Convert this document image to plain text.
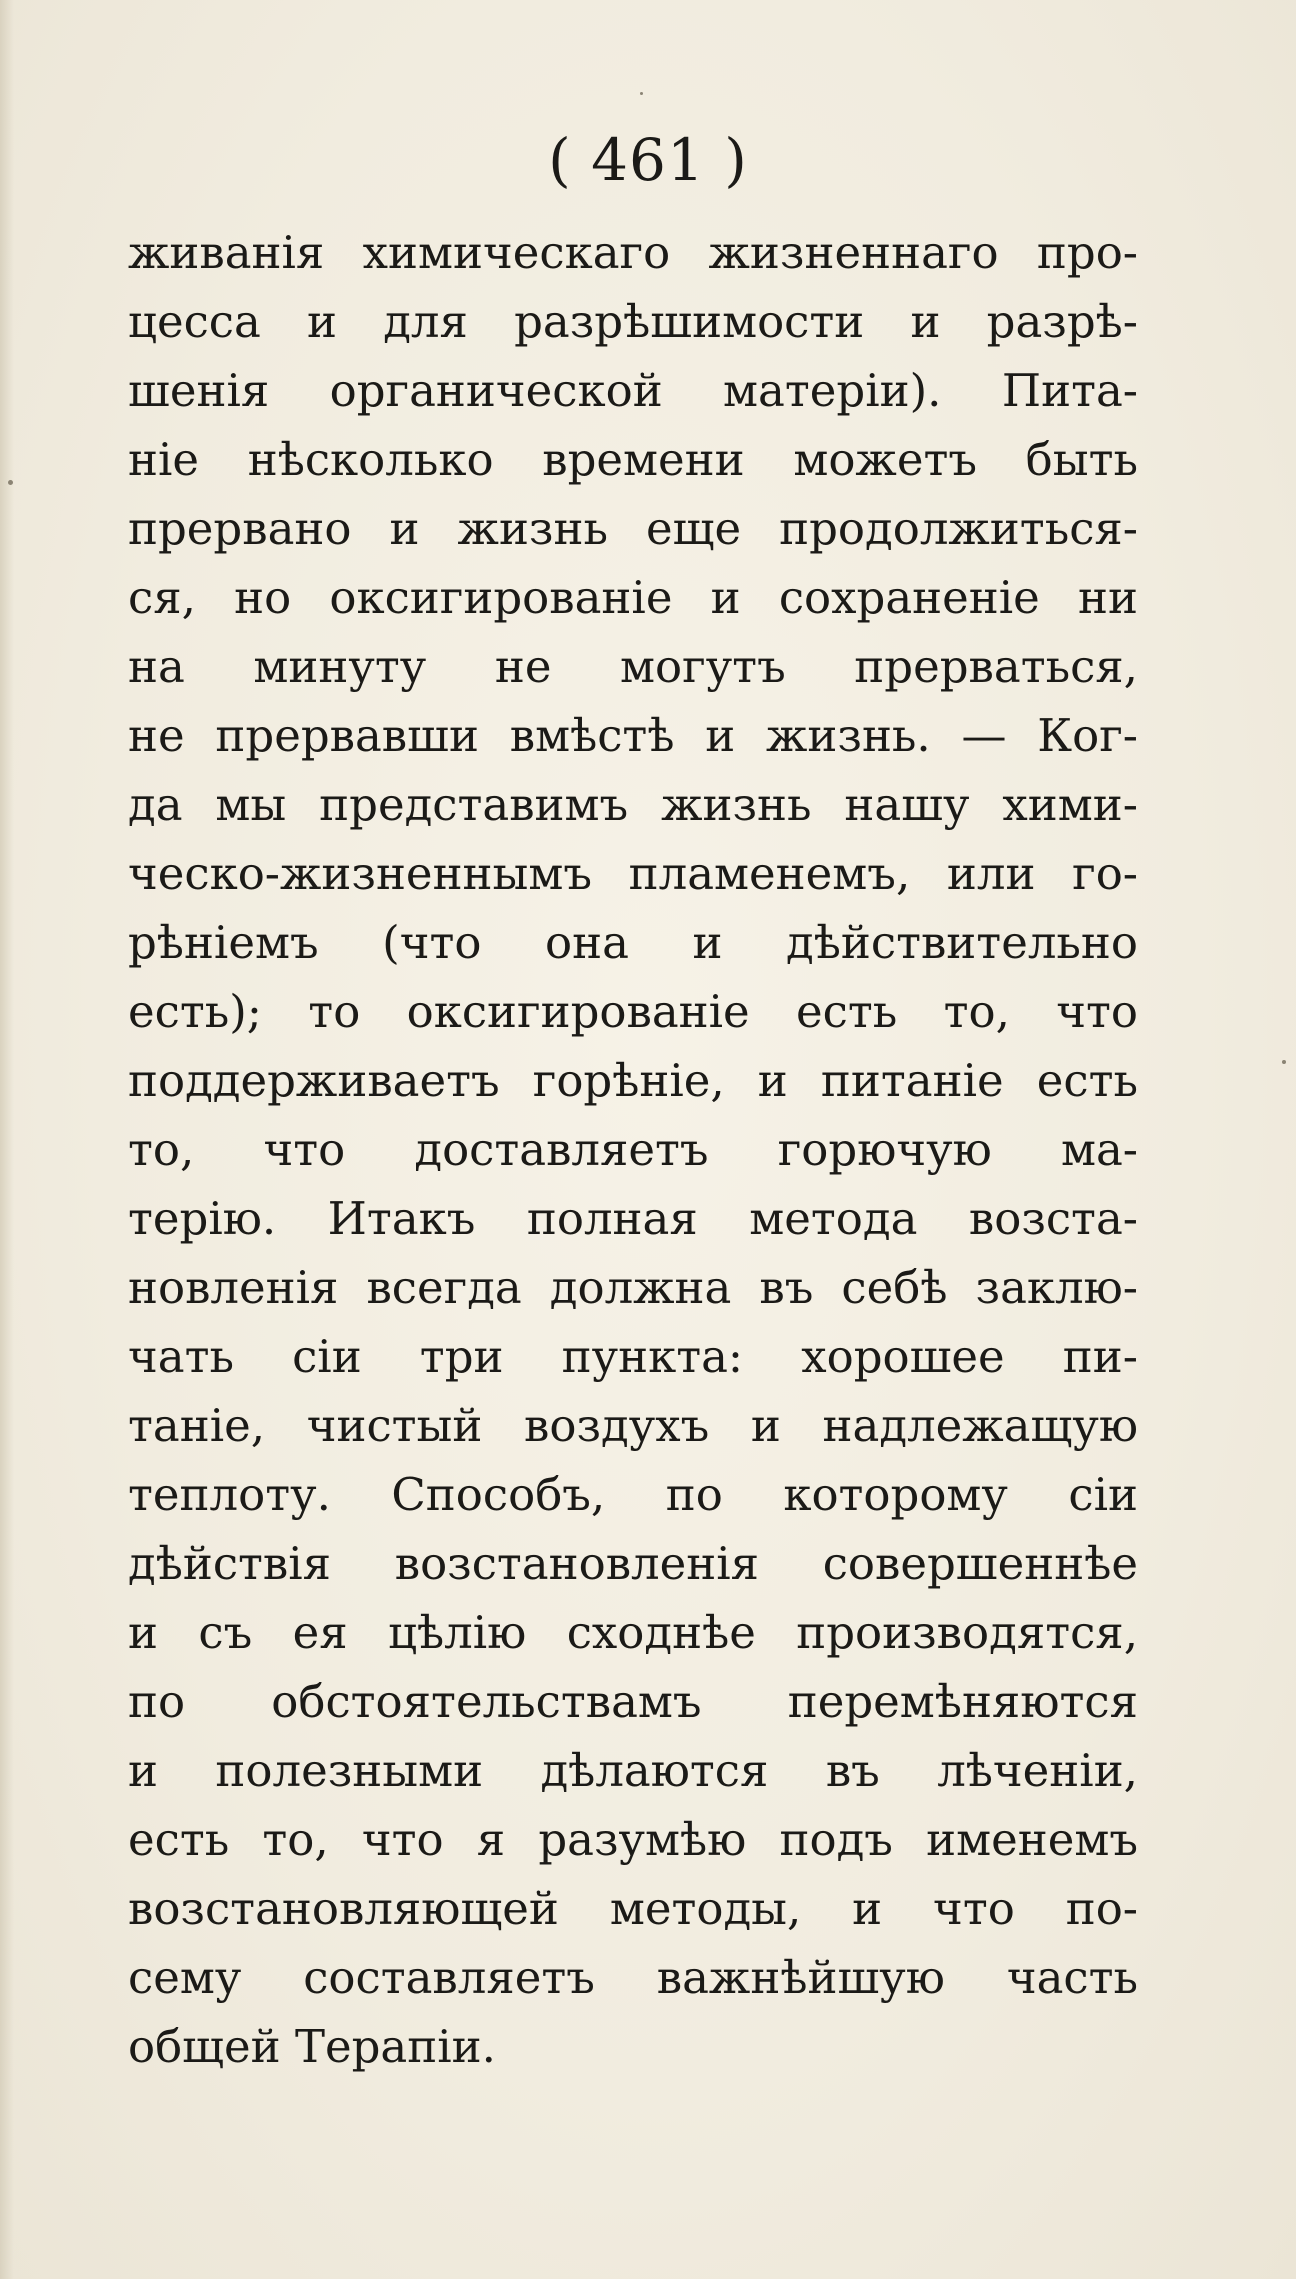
( 461 )
живанія химическаго жизненнаго про-
цесса и для разрѣшимости и разрѣ-
шенія органической матеріи). Пита-
ніе нѣсколько времени можетъ быть
прервано и жизнь еще продолжиться-
ся, но оксигированіе и сохраненіе ни
на минуту не могутъ прерваться,
не прервавши вмѣстѣ и жизнь. — Ког-
да мы представимъ жизнь нашу хими-
ческо-жизненнымъ пламенемъ, или го-
рѣніемъ (что она и дѣйствительно
есть); то оксигированіе есть то, что
поддерживаетъ горѣніе, и питаніе есть
то, что доставляетъ горючую ма-
терію. Итакъ полная метода возста-
новленія всегда должна въ себѣ заклю-
чать сіи три пункта: хорошее пи-
таніе, чистый воздухъ и надлежащую
теплоту. Способъ, по которому сіи
дѣйствія возстановленія совершеннѣе
и съ ея цѣлію сходнѣе производятся,
по обстоятельствамъ перемѣняются
и полезными дѣлаются въ лѣченіи,
есть то, что я разумѣю подъ именемъ
возстановляющей методы, и что по-
сему составляетъ важнѣйшую часть
общей Терапіи.
